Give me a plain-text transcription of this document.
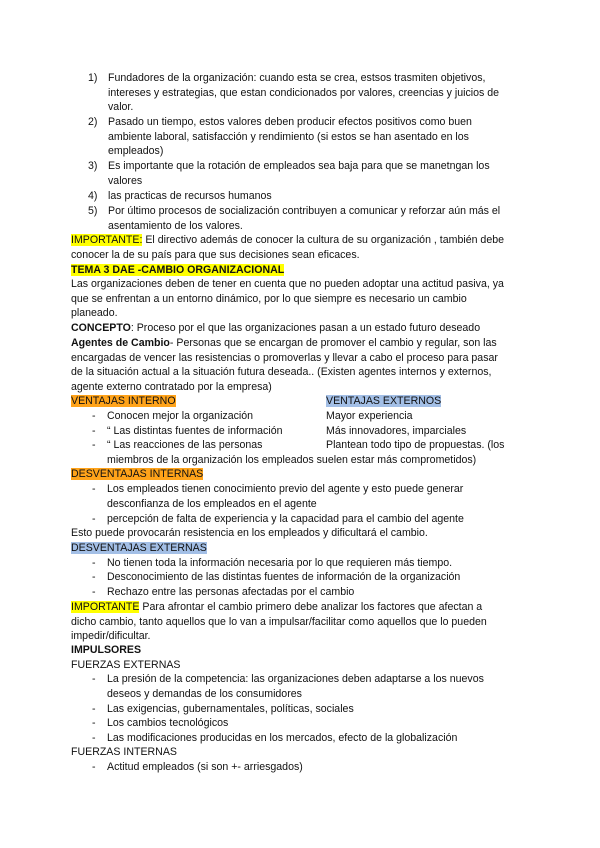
1) Fundadores de la organización: cuando esta se crea, estsos trasmiten objetivos,
intereses y estrategias, que estan condicionados por valores, creencias y juicios de
valor.
2) Pasado un tiempo, estos valores deben producir efectos positivos como buen
ambiente laboral, satisfacción y rendimiento (si estos se han asentado en los
empleados)
3) Es importante que la rotación de empleados sea baja para que se manetngan los
valores
4) las practicas de recursos humanos
5) Por último procesos de socialización contribuyen a comunicar y reforzar aún más el
asentamiento de los valores.
IMPORTANTE: El directivo además de conocer la cultura de su organización , también debe
conocer la de su país para que sus decisiones sean eficaces.
TEMA 3 DAE -CAMBIO ORGANIZACIONAL
Las organizaciones deben de tener en cuenta que no pueden adoptar una actitud pasiva, ya
que se enfrentan a un entorno dinámico, por lo que siempre es necesario un cambio
planeado.
CONCEPTO: Proceso por el que las organizaciones pasan a un estado futuro deseado
Agentes de Cambio- Personas que se encargan de promover el cambio y regular, son las
encargadas de vencer las resistencias o promoverlas y llevar a cabo el proceso para pasar
de la situación actual a la situación futura deseada.. (Existen agentes internos y externos,
agente externo contratado por la empresa)
VENTAJAS INTERNO	VENTAJAS EXTERNOS
- Conocen mejor la organización
- “ Las distintas fuentes de información
- “ Las reacciones de las personas
Mayor experiencia
Más innovadores, imparciales
Plantean todo tipo de propuestas. (los
miembros de la organización los empleados suelen estar más comprometidos)
DESVENTAJAS INTERNAS
- Los empleados tienen conocimiento previo del agente y esto puede generar
desconfianza de los empleados en el agente
- percepción de falta de experiencia y la capacidad para el cambio del agente
Esto puede provocarán resistencia en los empleados y dificultará el cambio.
DESVENTAJAS EXTERNAS
- No tienen toda la información necesaria por lo que requieren más tiempo.
- Desconocimiento de las distintas fuentes de información de la organización
- Rechazo entre las personas afectadas por el cambio
IMPORTANTE Para afrontar el cambio primero debe analizar los factores que afectan a
dicho cambio, tanto aquellos que lo van a impulsar/facilitar como aquellos que lo pueden
impedir/dificultar.
IMPULSORES
FUERZAS EXTERNAS
- La presión de la competencia: las organizaciones deben adaptarse a los nuevos
deseos y demandas de los consumidores
- Las exigencias, gubernamentales, políticas, sociales
- Los cambios tecnológicos
- Las modificaciones producidas en los mercados, efecto de la globalización
FUERZAS INTERNAS
- Actitud empleados (si son +- arriesgados)
